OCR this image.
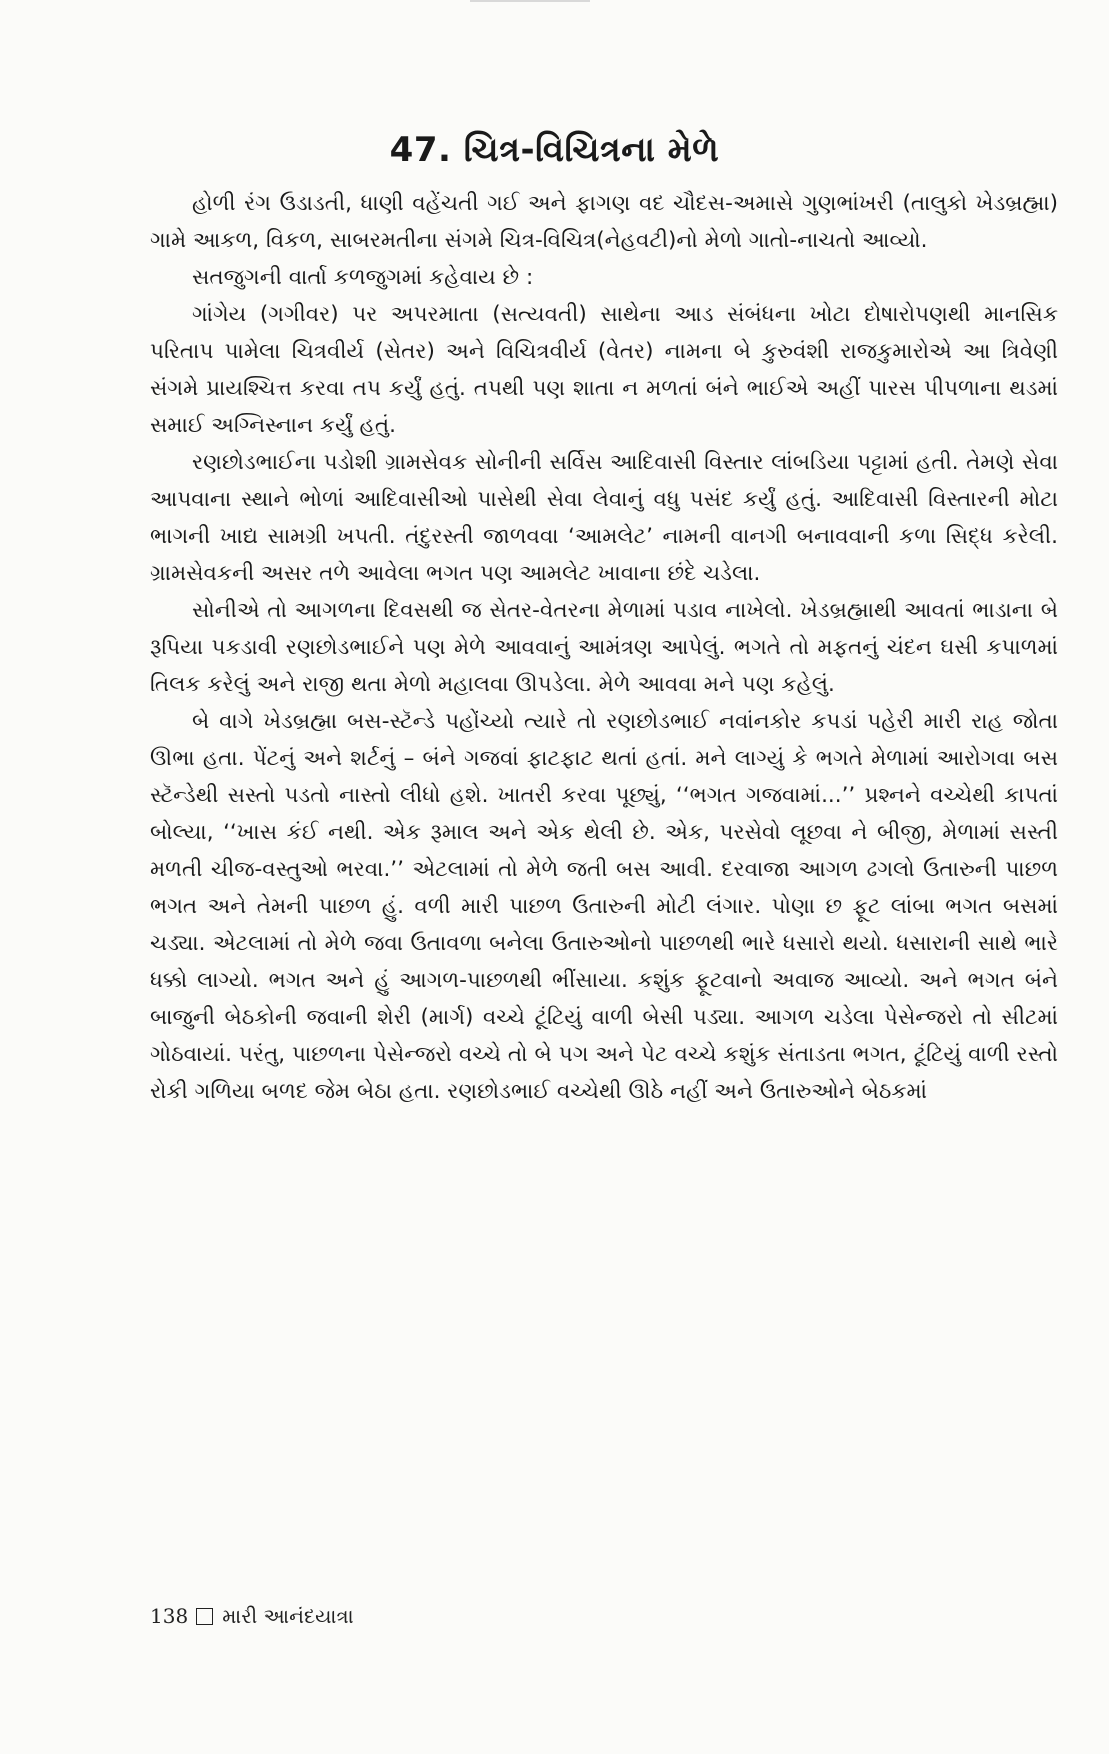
47. ચિત્ર-વિચિત્રના મેળે

હોળી રંગ ઉડાડતી, ધાણી વહેંચતી ગઈ અને ફાગણ વદ ચૌદસ-અમાસે ગુણભાંખરી (તાલુકો ખેડબ્રહ્મા) ગામે આકળ, વિકળ, સાબરમતીના સંગમે ચિત્ર-વિચિત્ર(નેહવટી)નો મેળો ગાતો-નાચતો આવ્યો.

સતજુગની વાર્તા કળજુગમાં કહેવાય છે :

ગાંગેય (ગગીવર) પર અપરમાતા (સત્યવતી) સાથેના આડ સંબંધના ખોટા દોષારોપણથી માનસિક પરિતાપ પામેલા ચિત્રવીર્ય (સેતર) અને વિચિત્રવીર્ય (વેતર) નામના બે કુરુવંશી રાજકુમારોએ આ ત્રિવેણી સંગમે પ્રાયશ્ચિત્ત કરવા તપ કર્યું હતું. તપથી પણ શાતા ન મળતાં બંને ભાઈએ અહીં પારસ પીપળાના થડમાં સમાઈ અગ્નિસ્નાન કર્યું હતું.

રણછોડભાઈના પડોશી ગ્રામસેવક સોનીની સર્વિસ આદિવાસી વિસ્તાર લાંબડિયા પટ્ટામાં હતી. તેમણે સેવા આપવાના સ્થાને ભોળાં આદિવાસીઓ પાસેથી સેવા લેવાનું વધુ પસંદ કર્યું હતું. આદિવાસી વિસ્તારની મોટા ભાગની ખાદ્ય સામગ્રી ખપતી. તંદુરસ્તી જાળવવા ‘આમલેટ’ નામની વાનગી બનાવવાની કળા સિદ્ધ કરેલી. ગ્રામસેવકની અસર તળે આવેલા ભગત પણ આમલેટ ખાવાના છંદે ચડેલા.

સોનીએ તો આગળના દિવસથી જ સેતર-વેતરના મેળામાં પડાવ નાખેલો. ખેડબ્રહ્માથી આવતાં ભાડાના બે રૂપિયા પકડાવી રણછોડભાઈને પણ મેળે આવવાનું આમંત્રણ આપેલું. ભગતે તો મફતનું ચંદન ઘસી કપાળમાં તિલક કરેલું અને રાજી થતા મેળો મહાલવા ઊપડેલા. મેળે આવવા મને પણ કહેલું.

બે વાગે ખેડબ્રહ્મા બસ-સ્ટૅન્ડે પહોંચ્યો ત્યારે તો રણછોડભાઈ નવાંનકોર કપડાં પહેરી મારી રાહ જોતા ઊભા હતા. પેંટનું અને શર્ટનું – બંને ગજવાં ફાટફાટ થતાં હતાં. મને લાગ્યું કે ભગતે મેળામાં આરોગવા બસ સ્ટૅન્ડેથી સસ્તો પડતો નાસ્તો લીધો હશે. ખાતરી કરવા પૂછ્યું, ‘‘ભગત ગજવામાં...’’ પ્રશ્નને વચ્ચેથી કાપતાં બોલ્યા, ‘‘ખાસ કંઈ નથી. એક રૂમાલ અને એક થેલી છે. એક, પરસેવો લૂછવા ને બીજી, મેળામાં સસ્તી મળતી ચીજ-વસ્તુઓ ભરવા.’’ એટલામાં તો મેળે જતી બસ આવી. દરવાજા આગળ ઢગલો ઉતારુની પાછળ ભગત અને તેમની પાછળ હું. વળી મારી પાછળ ઉતારુની મોટી લંગાર. પોણા છ ફૂટ લાંબા ભગત બસમાં ચડ્યા. એટલામાં તો મેળે જવા ઉતાવળા બનેલા ઉતારુઓનો પાછળથી ભારે ધસારો થયો. ધસારાની સાથે ભારે ધક્કો લાગ્યો. ભગત અને હું આગળ-પાછળથી ભીંસાયા. કશુંક ફૂટવાનો અવાજ આવ્યો. અને ભગત બંને બાજુની બેઠકોની જવાની શેરી (માર્ગ) વચ્ચે ટૂંટિયું વાળી બેસી પડ્યા. આગળ ચડેલા પેસેન્જરો તો સીટમાં ગોઠવાયાં. પરંતુ, પાછળના પેસેન્જરો વચ્ચે તો બે પગ અને પેટ વચ્ચે કશુંક સંતાડતા ભગત, ટૂંટિયું વાળી રસ્તો રોકી ગળિયા બળદ જેમ બેઠા હતા. રણછોડભાઈ વચ્ચેથી ઊઠે નહીં અને ઉતારુઓને બેઠકમાં

138 મારી આનંદયાત્રા
